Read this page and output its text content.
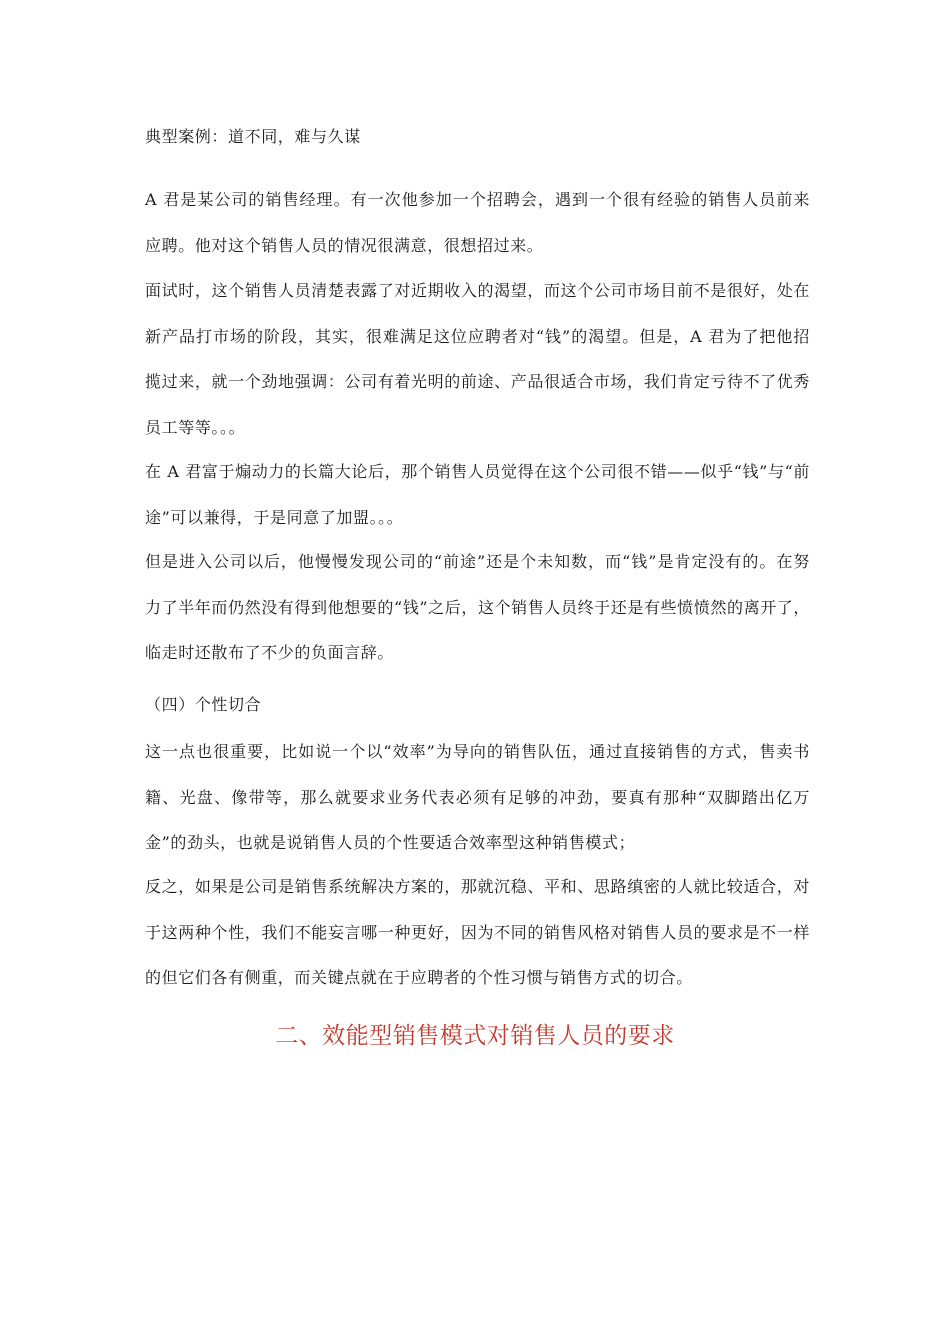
典型案例：道不同，难与久谋

A 君是某公司的销售经理。有一次他参加一个招聘会，遇到一个很有经验的销售人员前来应聘。他对这个销售人员的情况很满意，很想招过来。

面试时，这个销售人员清楚表露了对近期收入的渴望，而这个公司市场目前不是很好，处在新产品打市场的阶段，其实，很难满足这位应聘者对“钱”的渴望。但是，A 君为了把他招揽过来，就一个劲地强调：公司有着光明的前途、产品很适合市场，我们肯定亏待不了优秀员工等等。。。

在 A 君富于煽动力的长篇大论后，那个销售人员觉得在这个公司很不错——似乎“钱”与“前途”可以兼得，于是同意了加盟。。。

但是进入公司以后，他慢慢发现公司的“前途”还是个未知数，而“钱”是肯定没有的。在努力了半年而仍然没有得到他想要的“钱”之后，这个销售人员终于还是有些愤愤然的离开了，临走时还散布了不少的负面言辞。

（四）个性切合

这一点也很重要，比如说一个以“效率”为导向的销售队伍，通过直接销售的方式，售卖书籍、光盘、像带等，那么就要求业务代表必须有足够的冲劲，要真有那种“双脚踏出亿万金”的劲头，也就是说销售人员的个性要适合效率型这种销售模式；

反之，如果是公司是销售系统解决方案的，那就沉稳、平和、思路缜密的人就比较适合，对于这两种个性，我们不能妄言哪一种更好，因为不同的销售风格对销售人员的要求是不一样的但它们各有侧重，而关键点就在于应聘者的个性习惯与销售方式的切合。

二、效能型销售模式对销售人员的要求
